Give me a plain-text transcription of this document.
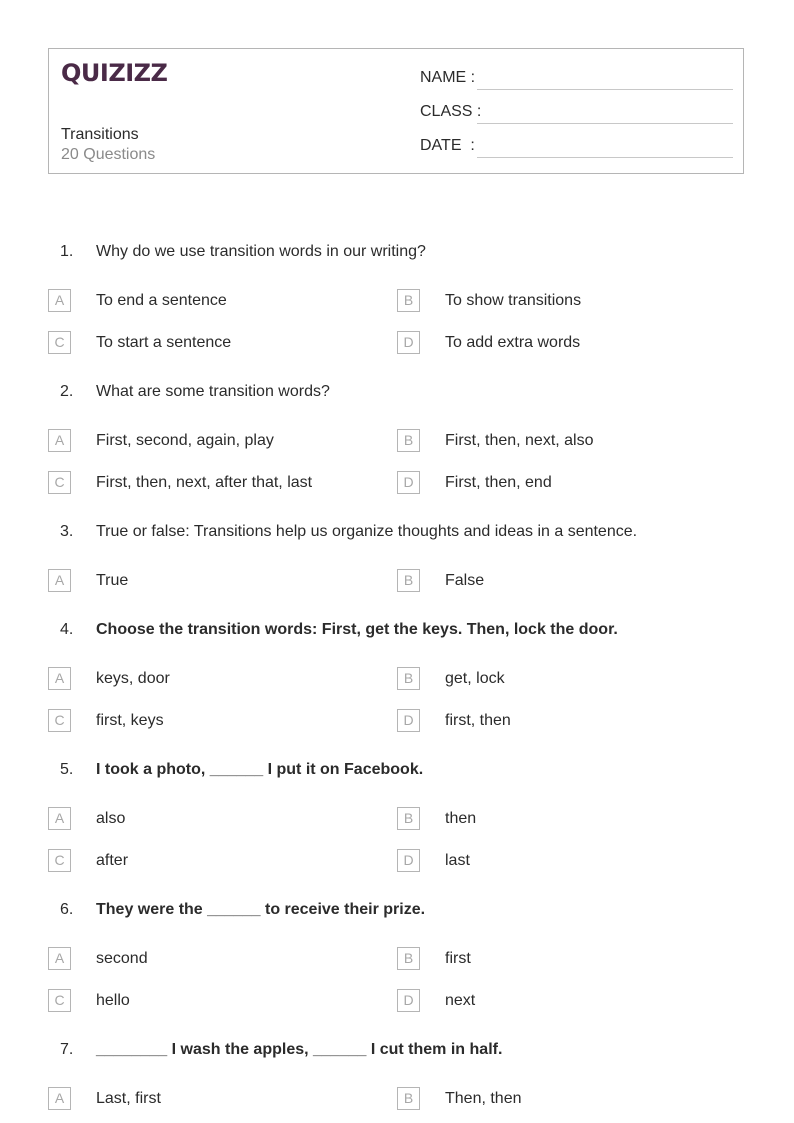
QUIZIZZ
Transitions
20 Questions
NAME :
CLASS :
DATE  :
1. Why do we use transition words in our writing?
A	To end a sentence	B	To show transitions
C	To start a sentence	D	To add extra words
2. What are some transition words?
A	First, second, again, play	B	First, then, next, also
C	First, then, next, after that, last	D	First, then, end
3. True or false: Transitions help us organize thoughts and ideas in a sentence.
A	True	B	False
4. Choose the transition words: First, get the keys. Then, lock the door.
A	keys, door	B	get, lock
C	first, keys	D	first, then
5. I took a photo, ______ I put it on Facebook.
A	also	B	then
C	after	D	last
6. They were the ______ to receive their prize.
A	second	B	first
C	hello	D	next
7. ________ I wash the apples, ______ I cut them in half.
A	Last, first	B	Then, then
